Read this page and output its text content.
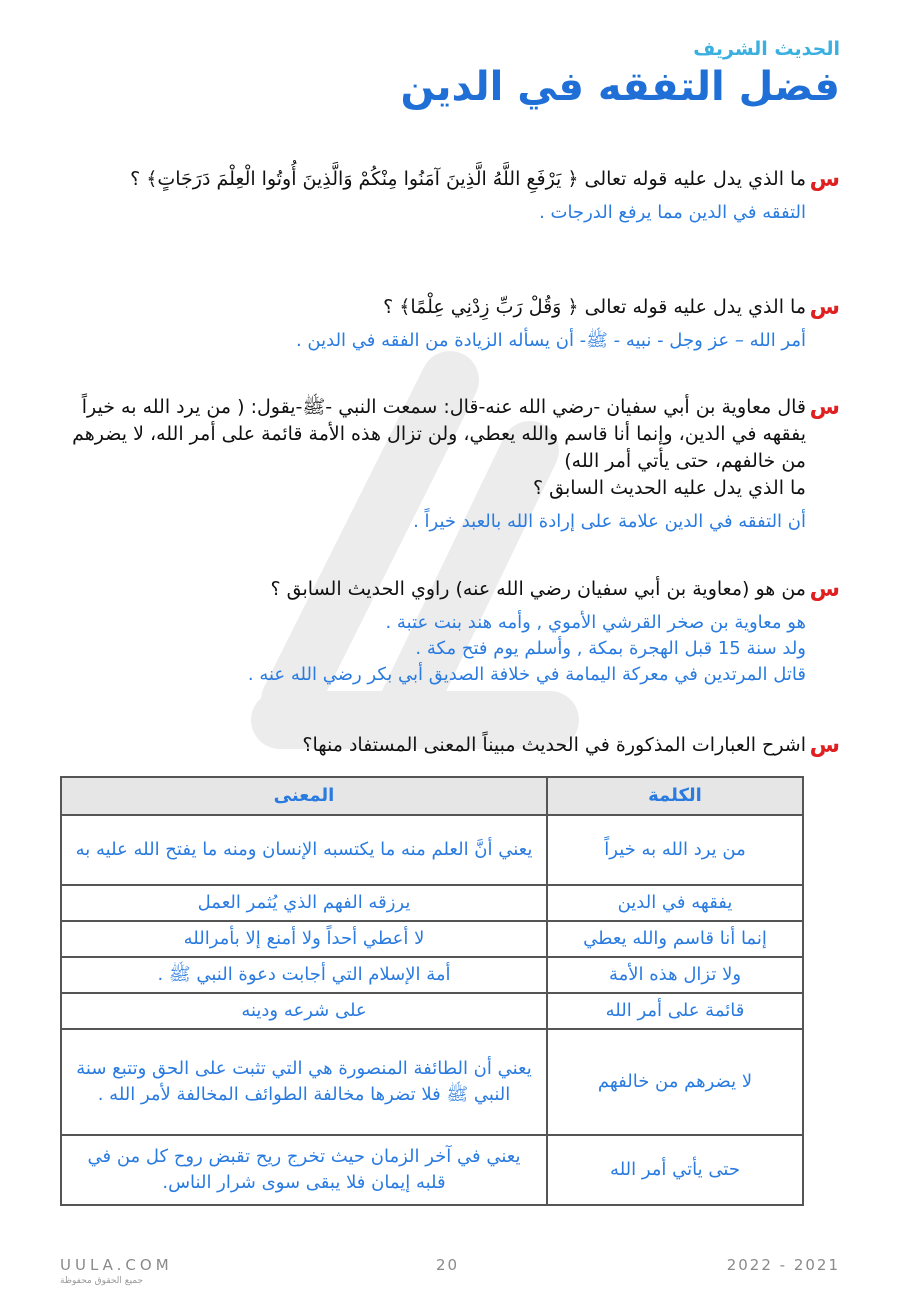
الحديث الشريف
فضل التفقه في الدين
س
ما الذي يدل عليه قوله تعالى ﴿ يَرْفَعِ اللَّهُ الَّذِينَ آمَنُوا مِنْكُمْ وَالَّذِينَ أُوتُوا الْعِلْمَ دَرَجَاتٍ﴾ ؟
التفقه في الدين مما يرفع الدرجات .
س
ما الذي يدل عليه قوله تعالى ﴿ وَقُلْ رَبِّ زِدْنِي عِلْمًا﴾ ؟
أمر الله – عز وجل - نبيه - ﷺ- أن يسأله الزيادة من الفقه في الدين .
س
قال معاوية بن أبي سفيان -رضي الله عنه-قال: سمعت النبي -ﷺ-يقول: ( من يرد الله به خيراً يفقهه في الدين، وإنما أنا قاسم والله يعطي، ولن تزال هذه الأمة قائمة على أمر الله، لا يضرهم من خالفهم، حتى يأتي أمر الله)
ما الذي يدل عليه الحديث السابق ؟
أن التفقه في الدين علامة على إرادة الله بالعبد خيراً .
س
من هو (معاوية بن أبي سفيان رضي الله عنه) راوي الحديث السابق ؟
هو معاوية بن صخر القرشي الأموي , وأمه هند بنت عتبة .
ولد سنة 15 قبل الهجرة بمكة , وأسلم يوم فتح مكة .
قاتل المرتدين في معركة اليمامة في خلافة الصديق أبي بكر رضي الله عنه .
س
اشرح العبارات المذكورة في الحديث مبيناً المعنى المستفاد منها؟
الكلمة	المعنى
من يرد الله به خيراً	يعني أنَّ العلم منه ما يكتسبه الإنسان ومنه ما يفتح الله عليه به
يفقهه في الدين	يرزقه الفهم الذي يُثمر العمل
إنما أنا قاسم والله يعطي	لا أعطي أحداً ولا أمنع إلا بأمرالله
ولا تزال هذه الأمة	أمة الإسلام التي أجابت دعوة النبي ﷺ .
قائمة على أمر الله	على شرعه ودينه
لا يضرهم من خالفهم	يعني أن الطائفة المنصورة هي التي تثبت على الحق وتتبع سنة النبي ﷺ فلا تضرها مخالفة الطوائف المخالفة لأمر الله .
حتى يأتي أمر الله	يعني في آخر الزمان حيث تخرج ريح تقبض روح كل من في قلبه إيمان فلا يبقى سوى شرار الناس.
UULA.COM
جميع الحقوق محفوظة
20	2022 - 2021
